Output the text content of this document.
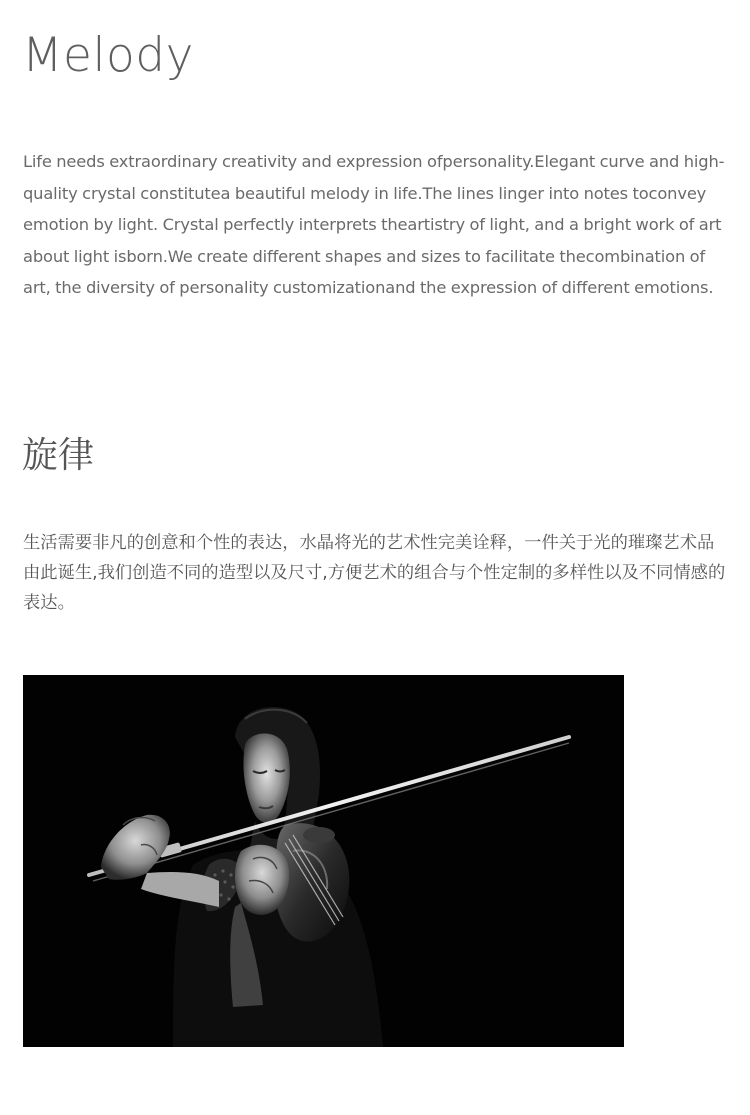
Melody

Life needs extraordinary creativity and expression ofpersonality.Elegant curve and high-quality crystal constitutea beautiful melody in life.The lines linger into notes toconvey emotion by light. Crystal perfectly interprets theartistry of light, and a bright work of art about light isborn.We create different shapes and sizes to facilitate thecombination of art, the diversity of personality customizationand the expression of different emotions.

旋律

生活需要非凡的创意和个性的表达，水晶将光的艺术性完美诠释，一件关于光的璀璨艺术品由此诞生,我们创造不同的造型以及尺寸,方便艺术的组合与个性定制的多样性以及不同情感的表达。
